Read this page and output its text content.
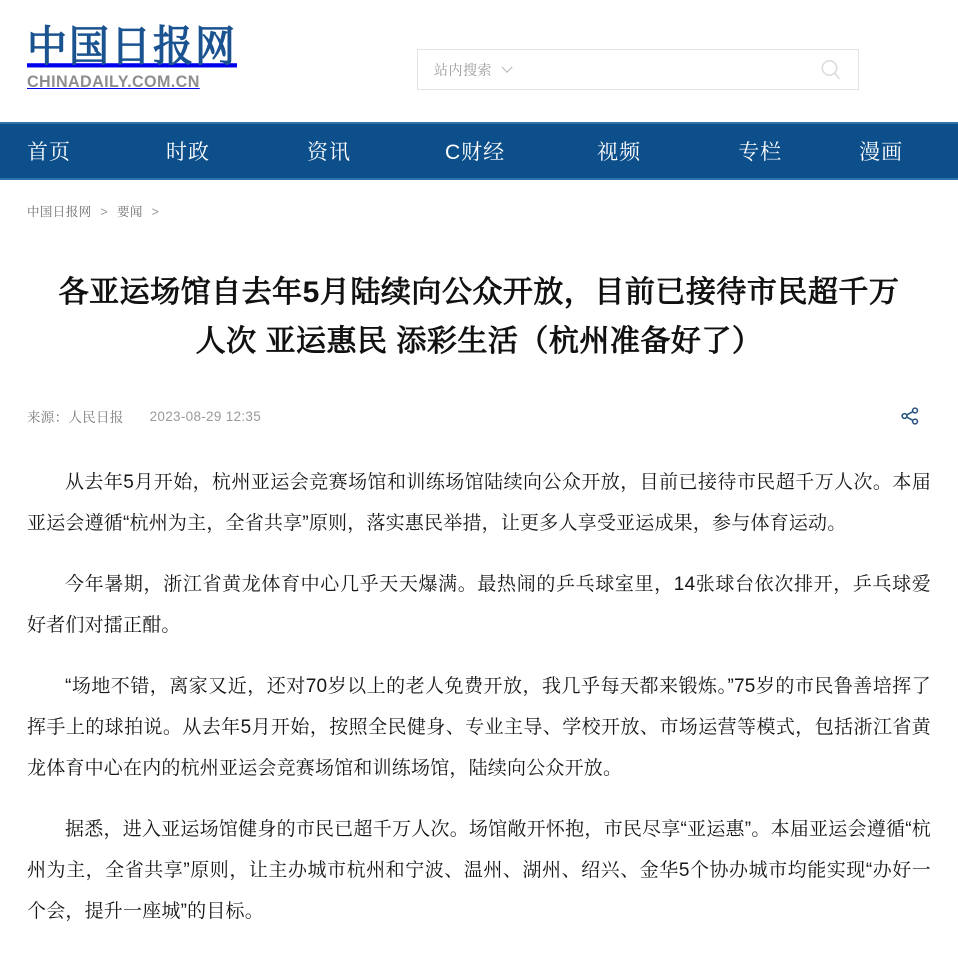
中国日报网
CHINADAILY.COM.CN
站内搜索
首页	时政	资讯	C财经	视频	专栏	漫画
中国日报网 > 要闻 >
各亚运场馆自去年5月陆续向公众开放，目前已接待市民超千万人次 亚运惠民 添彩生活（杭州准备好了）
来源：人民日报 2023-08-29 12:35

从去年5月开始，杭州亚运会竞赛场馆和训练场馆陆续向公众开放，目前已接待市民超千万人次。本届亚运会遵循“杭州为主，全省共享”原则，落实惠民举措，让更多人享受亚运成果，参与体育运动。

今年暑期，浙江省黄龙体育中心几乎天天爆满。最热闹的乒乓球室里，14张球台依次排开，乒乓球爱好者们对擂正酣。

“场地不错，离家又近，还对70岁以上的老人免费开放，我几乎每天都来锻炼。”75岁的市民鲁善培挥了挥手上的球拍说。从去年5月开始，按照全民健身、专业主导、学校开放、市场运营等模式，包括浙江省黄龙体育中心在内的杭州亚运会竞赛场馆和训练场馆，陆续向公众开放。

据悉，进入亚运场馆健身的市民已超千万人次。场馆敞开怀抱，市民尽享“亚运惠”。本届亚运会遵循“杭州为主，全省共享”原则，让主办城市杭州和宁波、温州、湖州、绍兴、金华5个协办城市均能实现“办好一个会，提升一座城”的目标。
